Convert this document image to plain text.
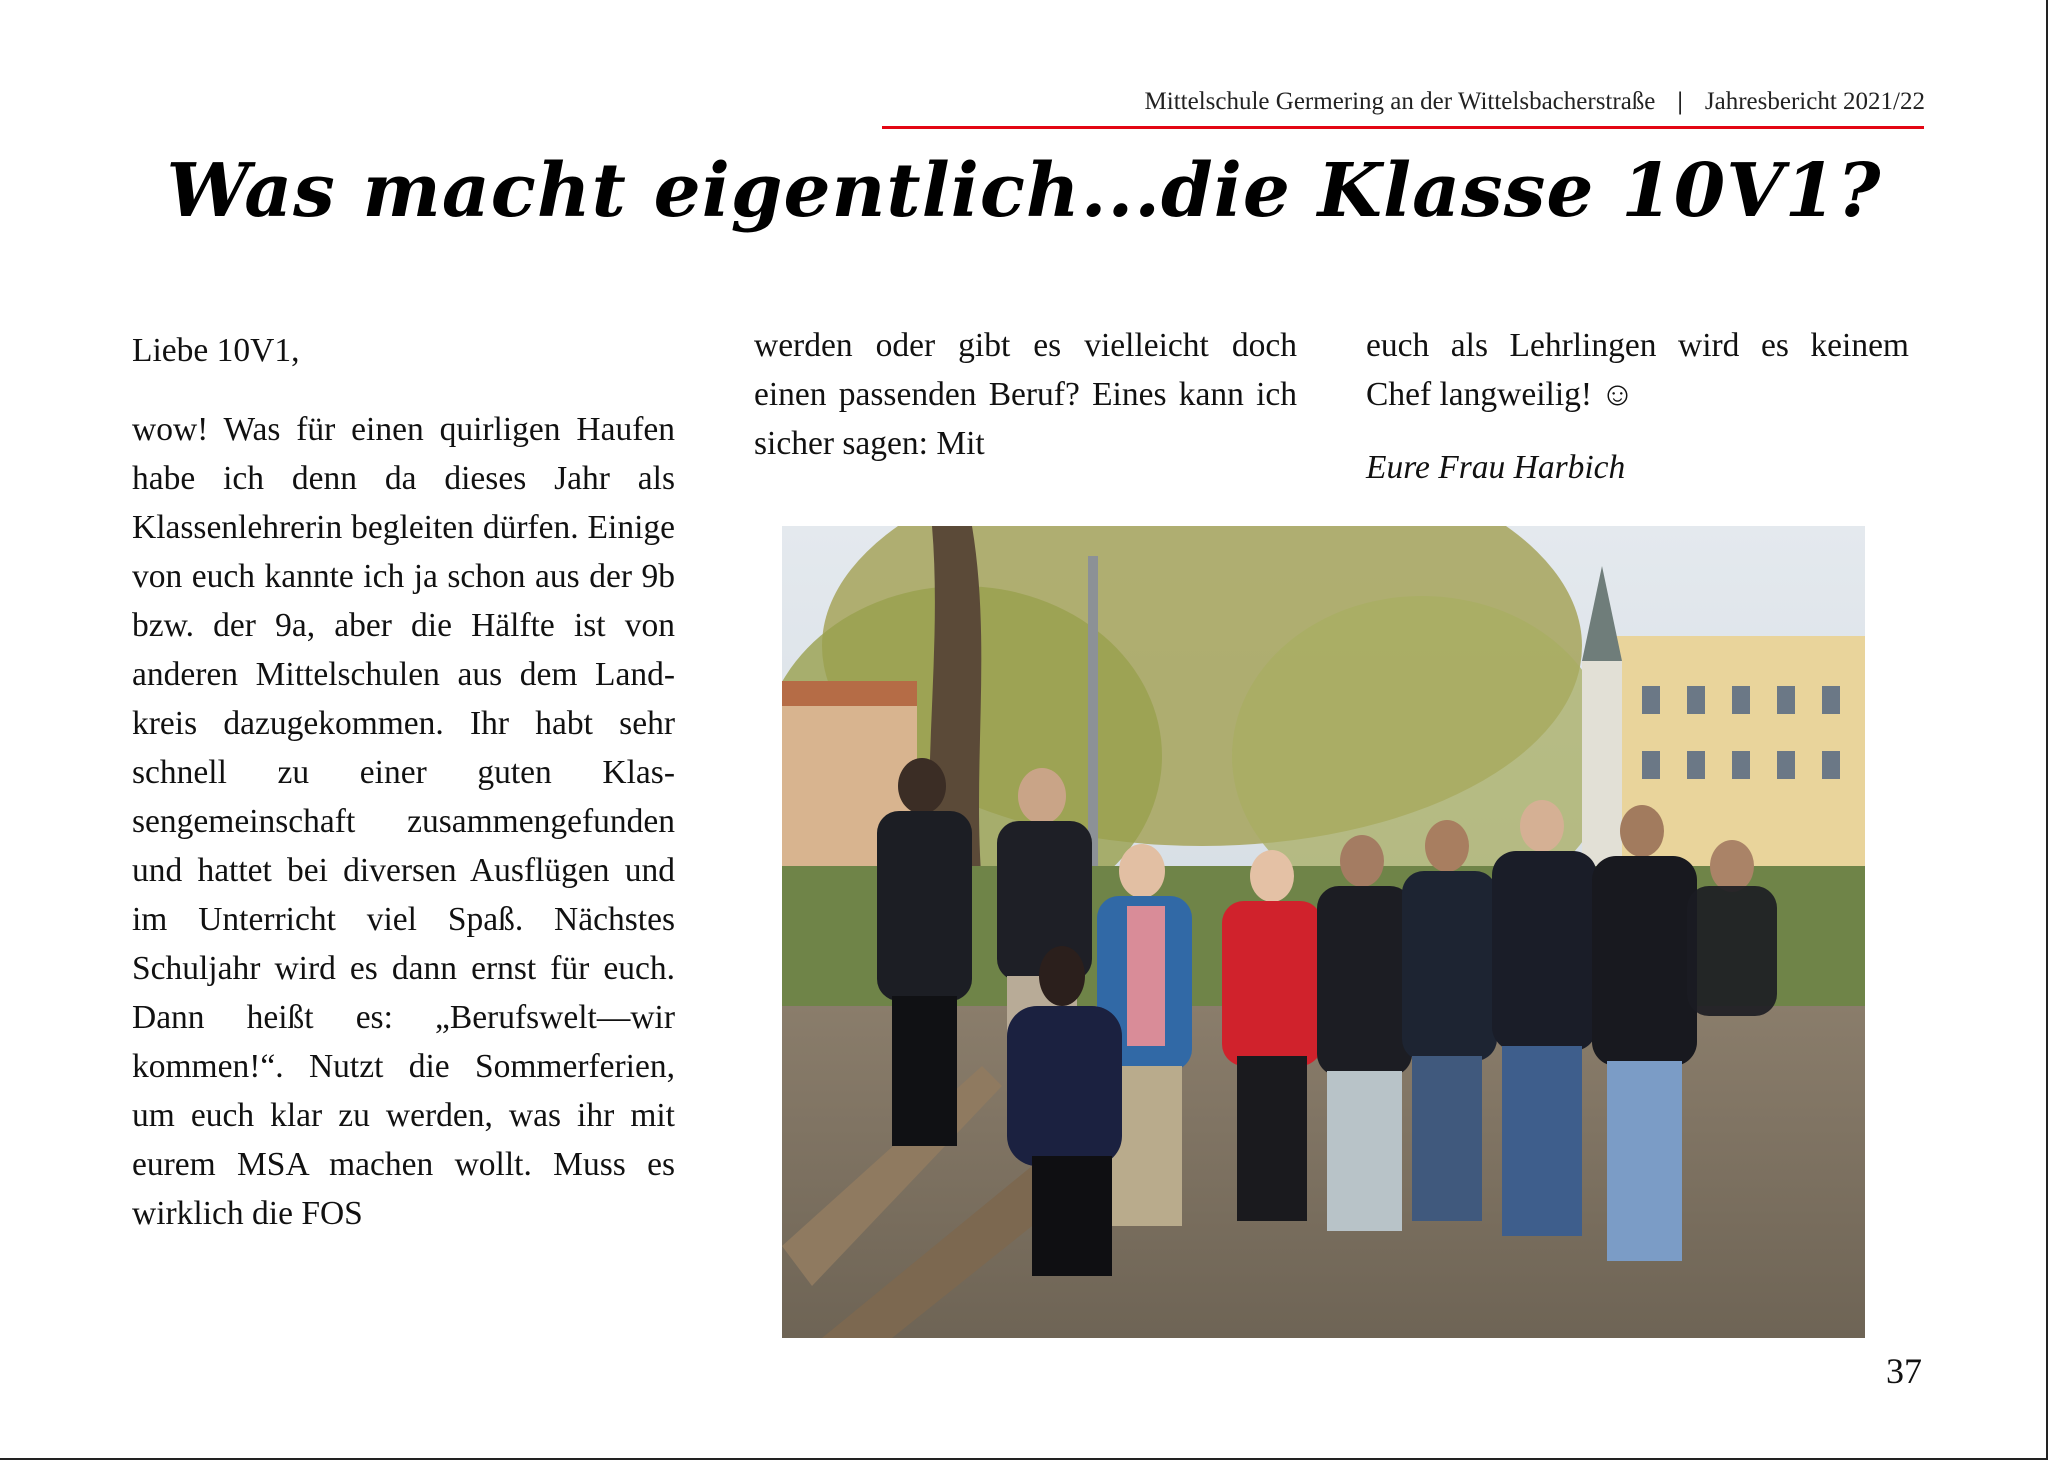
Mittelschule Germering an der Wittelsbacherstraße | Jahresbericht 2021/22
Was macht eigentlich...die Klasse 10V1?

Liebe 10V1,

wow! Was für einen quirligen Haufen habe ich denn da dieses Jahr als Klassenlehrerin begleiten dürfen. Einige von euch kannte ich ja schon aus der 9b bzw. der 9a, aber die Hälfte ist von anderen Mittelschulen aus dem Landkreis dazugekommen. Ihr habt sehr schnell zu einer guten Klassengemeinschaft zusammengefunden und hattet bei diversen Ausflügen und im Unterricht viel Spaß. Nächstes Schuljahr wird es dann ernst für euch. Dann heißt es: „Berufswelt—wir kommen!“. Nutzt die Sommerferien, um euch klar zu werden, was ihr mit eurem MSA machen wollt. Muss es wirklich die FOS

werden oder gibt es vielleicht doch einen passenden Beruf? Eines kann ich sicher sagen: Mit

euch als Lehrlingen wird es keinem Chef langweilig! ☺

Eure Frau Harbich

37
